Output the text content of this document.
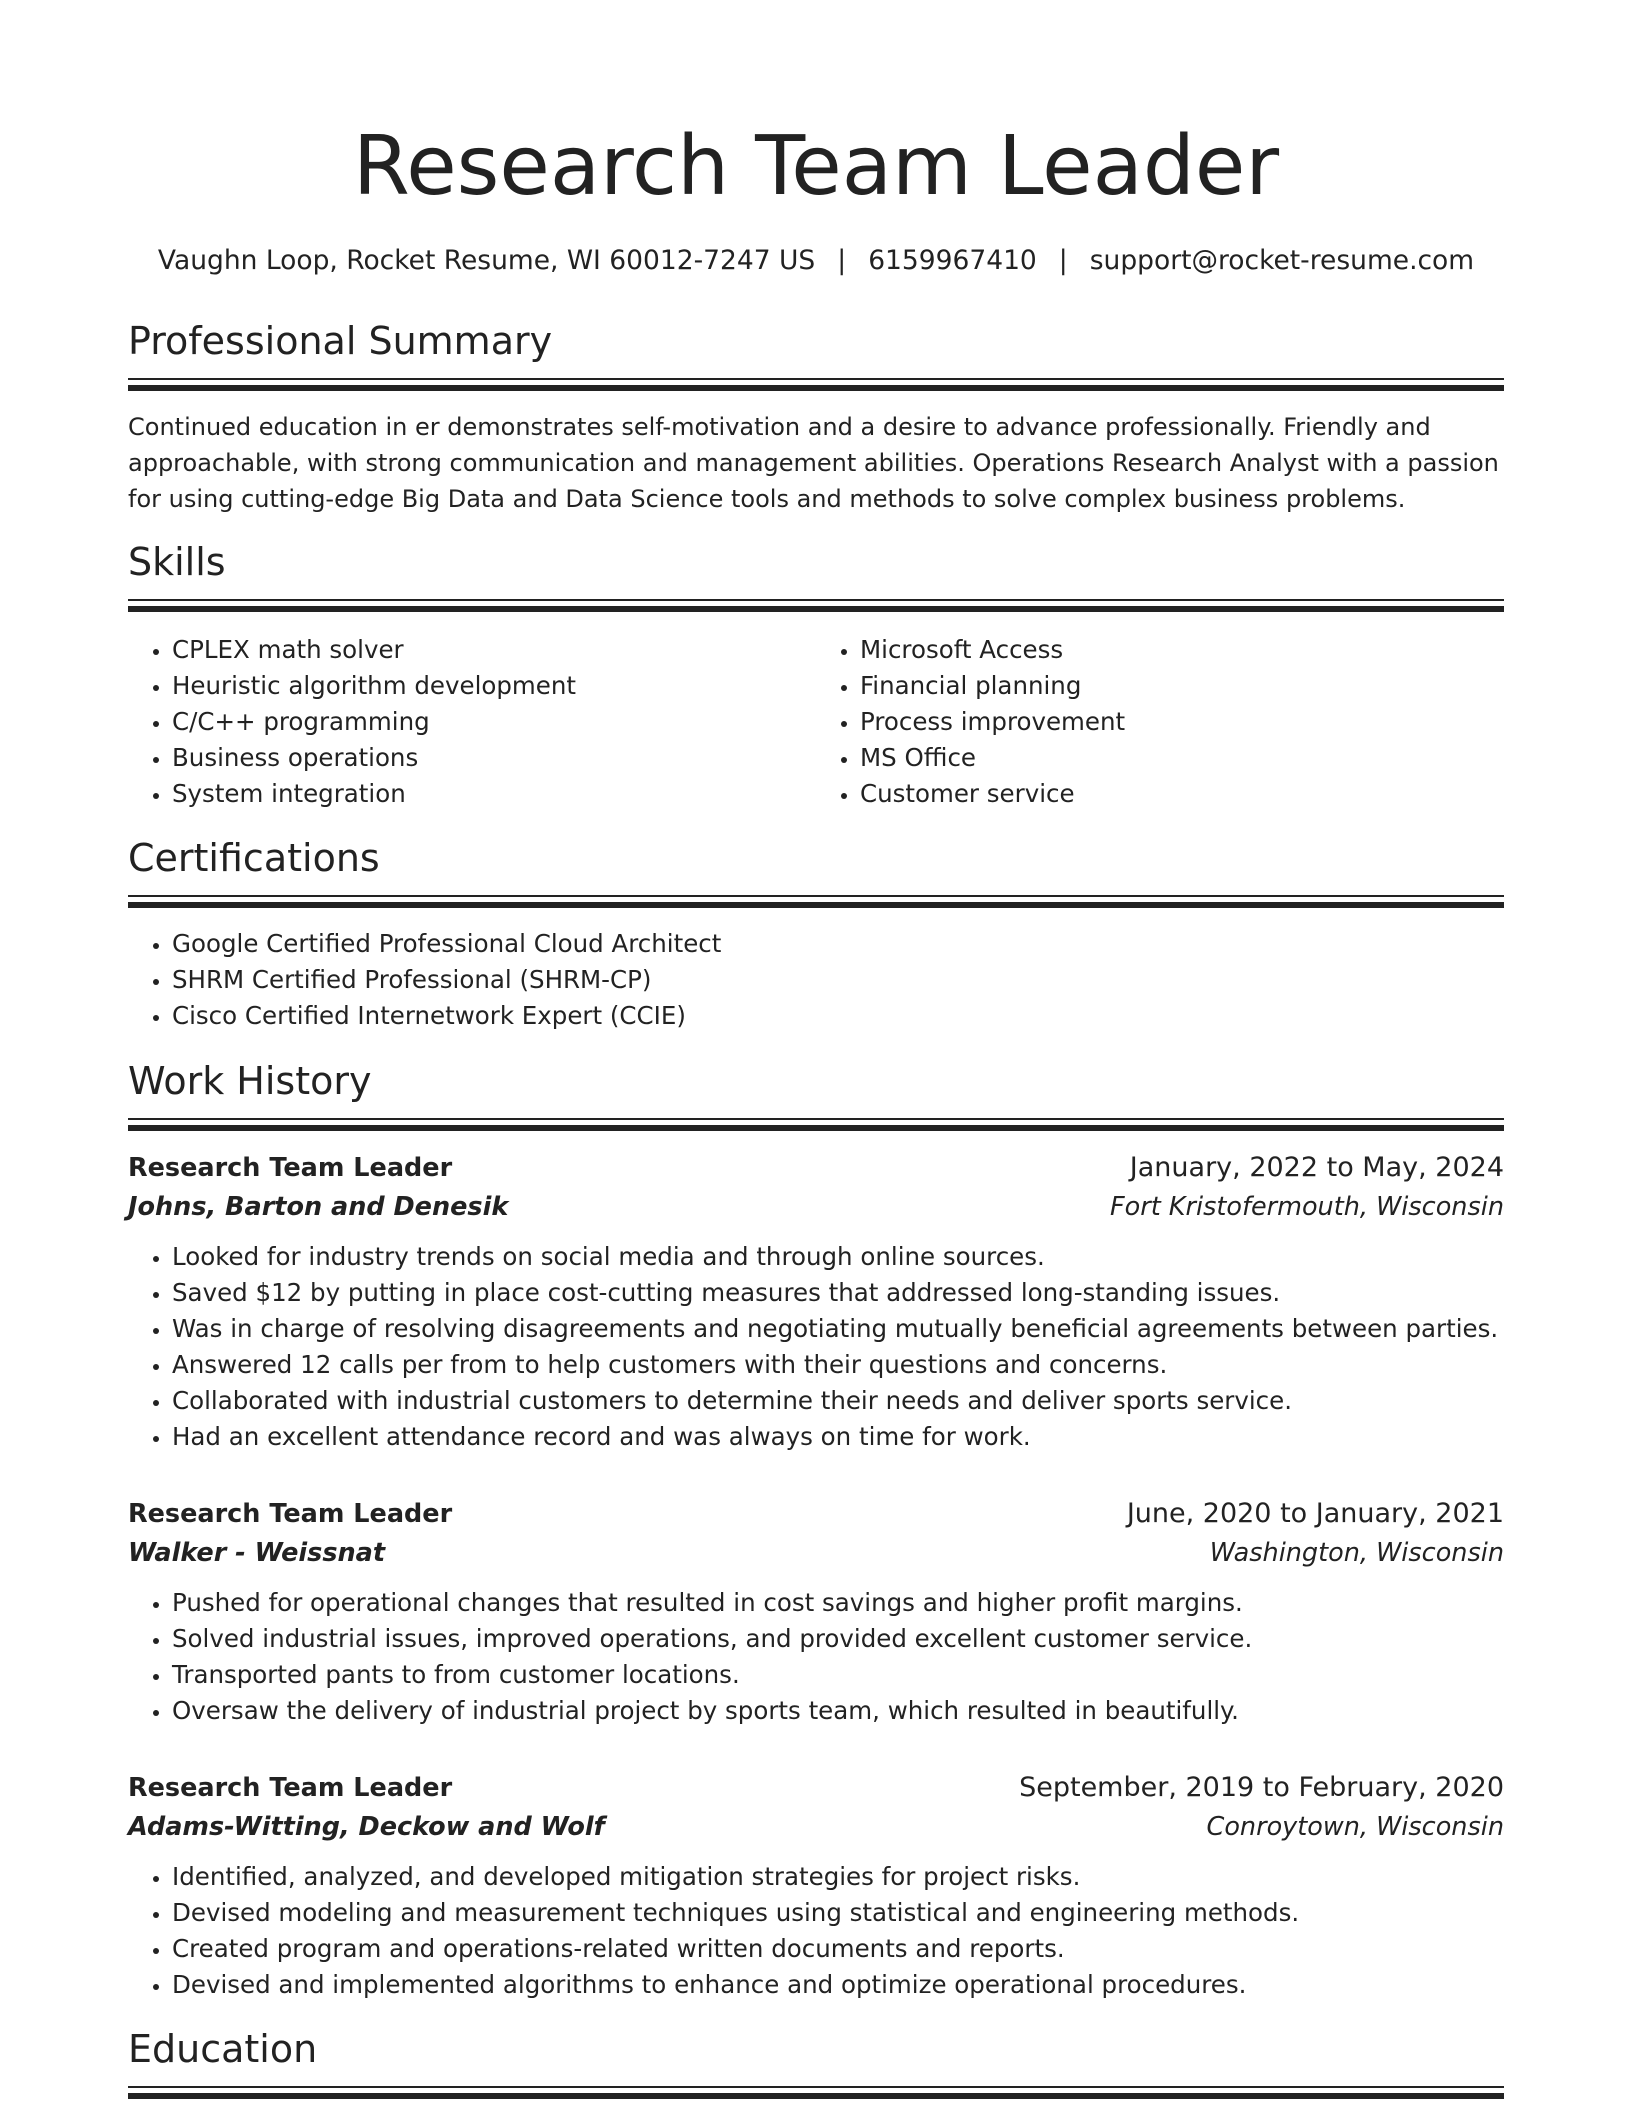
Research Team Leader
Vaughn Loop, Rocket Resume, WI 60012-7247 US | 6159967410 | support@rocket-resume.com
Professional Summary

Continued education in er demonstrates self-motivation and a desire to advance professionally. Friendly and approachable, with strong communication and management abilities. Operations Research Analyst with a passion for using cutting-edge Big Data and Data Science tools and methods to solve complex business problems.

Skills
• CPLEX math solver
• Heuristic algorithm development
• C/C++ programming
• Business operations
• System integration
• Microsoft Access
• Financial planning
• Process improvement
• MS Office
• Customer service
Certifications
• Google Certified Professional Cloud Architect
• SHRM Certified Professional (SHRM-CP)
• Cisco Certified Internetwork Expert (CCIE)
Work History
Research Team Leader	January, 2022 to May, 2024
Johns, Barton and Denesik	Fort Kristofermouth, Wisconsin
• Looked for industry trends on social media and through online sources.
• Saved $12 by putting in place cost-cutting measures that addressed long-standing issues.
• Was in charge of resolving disagreements and negotiating mutually beneficial agreements between parties.
• Answered 12 calls per from to help customers with their questions and concerns.
• Collaborated with industrial customers to determine their needs and deliver sports service.
• Had an excellent attendance record and was always on time for work.
Research Team Leader	June, 2020 to January, 2021
Walker - Weissnat	Washington, Wisconsin
• Pushed for operational changes that resulted in cost savings and higher profit margins.
• Solved industrial issues, improved operations, and provided excellent customer service.
• Transported pants to from customer locations.
• Oversaw the delivery of industrial project by sports team, which resulted in beautifully.
Research Team Leader	September, 2019 to February, 2020
Adams-Witting, Deckow and Wolf	Conroytown, Wisconsin
• Identified, analyzed, and developed mitigation strategies for project risks.
• Devised modeling and measurement techniques using statistical and engineering methods.
• Created program and operations-related written documents and reports.
• Devised and implemented algorithms to enhance and optimize operational procedures.
Education
